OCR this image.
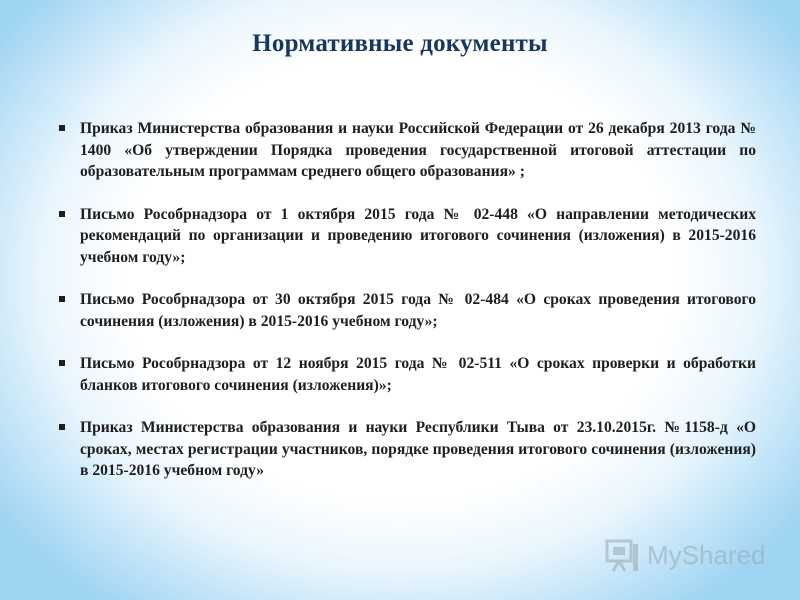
Нормативные документы
Приказ Министерства образования и науки Российской Федерации от 26 декабря 2013 года № 1400 «Об утверждении Порядка проведения государственной итоговой аттестации по образовательным программам среднего общего образования» ;
Письмо Рособрнадзора от 1 октября 2015 года № 02-448 «О направлении методических рекомендаций по организации и проведению итогового сочинения (изложения) в 2015-2016 учебном году»;
Письмо Рособрнадзора от 30 октября 2015 года № 02-484 «О сроках проведения итогового сочинения (изложения) в 2015-2016 учебном году»;
Письмо Рособрнадзора от 12 ноября 2015 года № 02-511 «О сроках проверки и обработки бланков итогового сочинения (изложения)»;
Приказ Министерства образования и науки Республики Тыва от 23.10.2015г. №1158-д «О сроках, местах регистрации участников, порядке проведения итогового сочинения (изложения) в 2015-2016 учебном году»
MyShared
